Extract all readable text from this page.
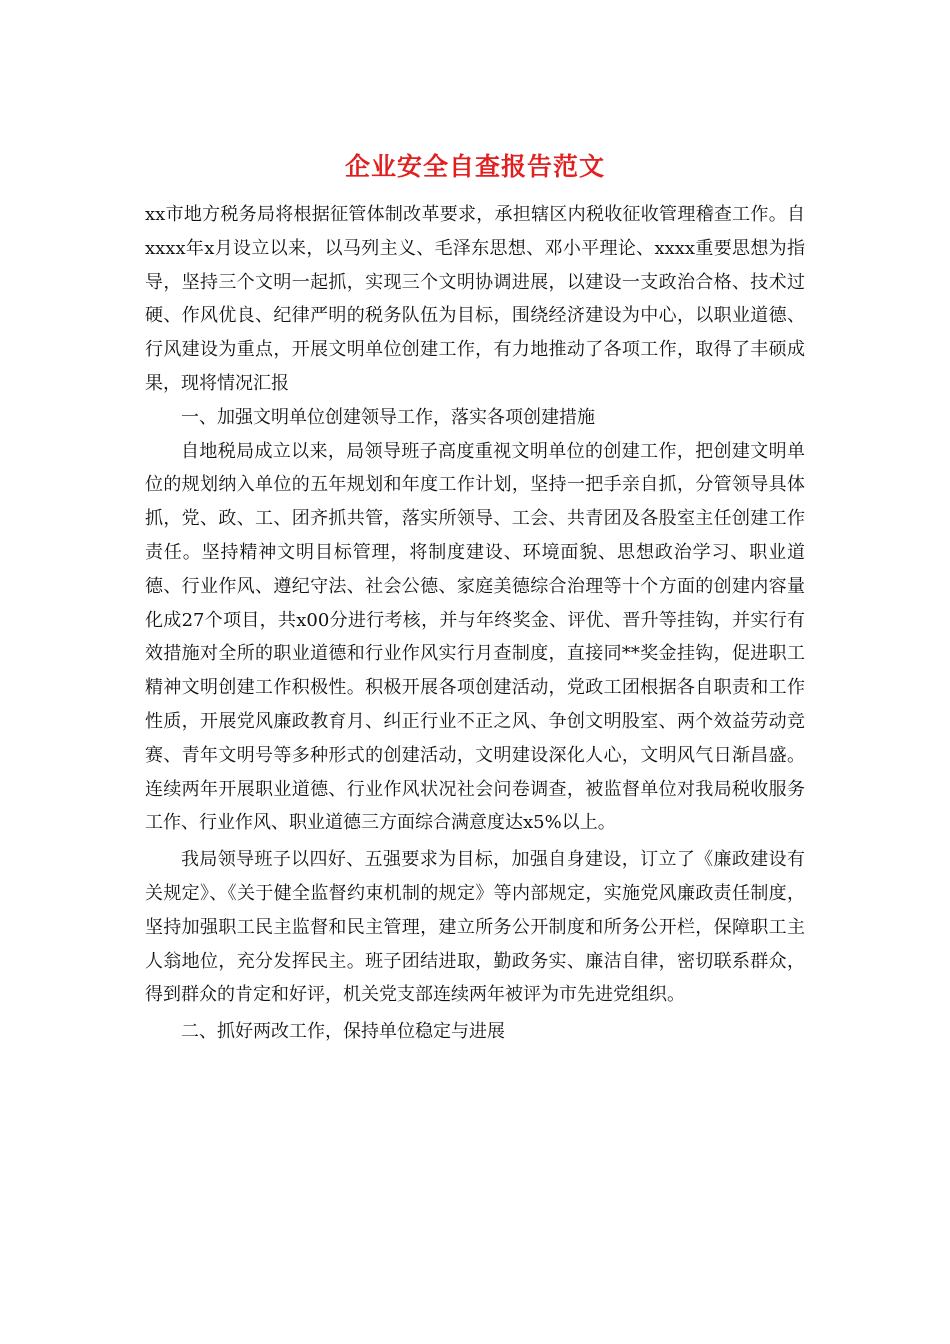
企业安全自查报告范文

xx市地方税务局将根据征管体制改革要求，承担辖区内税收征收管理稽查工作。自xxxx年x月设立以来，以马列主义、毛泽东思想、邓小平理论、xxxx重要思想为指导，坚持三个文明一起抓，实现三个文明协调进展，以建设一支政治合格、技术过硬、作风优良、纪律严明的税务队伍为目标，围绕经济建设为中心，以职业道德、行风建设为重点，开展文明单位创建工作，有力地推动了各项工作，取得了丰硕成果，现将情况汇报

一、加强文明单位创建领导工作，落实各项创建措施

自地税局成立以来，局领导班子高度重视文明单位的创建工作，把创建文明单位的规划纳入单位的五年规划和年度工作计划，坚持一把手亲自抓，分管领导具体抓，党、政、工、团齐抓共管，落实所领导、工会、共青团及各股室主任创建工作责任。坚持精神文明目标管理，将制度建设、环境面貌、思想政治学习、职业道德、行业作风、遵纪守法、社会公德、家庭美德综合治理等十个方面的创建内容量化成27个项目，共x00分进行考核，并与年终奖金、评优、晋升等挂钩，并实行有效措施对全所的职业道德和行业作风实行月查制度，直接同**奖金挂钩，促进职工精神文明创建工作积极性。积极开展各项创建活动，党政工团根据各自职责和工作性质，开展党风廉政教育月、纠正行业不正之风、争创文明股室、两个效益劳动竞赛、青年文明号等多种形式的创建活动，文明建设深化人心，文明风气日渐昌盛。连续两年开展职业道德、行业作风状况社会问卷调查，被监督单位对我局税收服务工作、行业作风、职业道德三方面综合满意度达x5%以上。

我局领导班子以四好、五强要求为目标，加强自身建设，订立了《廉政建设有关规定》、《关于健全监督约束机制的规定》等内部规定，实施党风廉政责任制度，坚持加强职工民主监督和民主管理，建立所务公开制度和所务公开栏，保障职工主人翁地位，充分发挥民主。班子团结进取，勤政务实、廉洁自律，密切联系群众，得到群众的肯定和好评，机关党支部连续两年被评为市先进党组织。

二、抓好两改工作，保持单位稳定与进展
